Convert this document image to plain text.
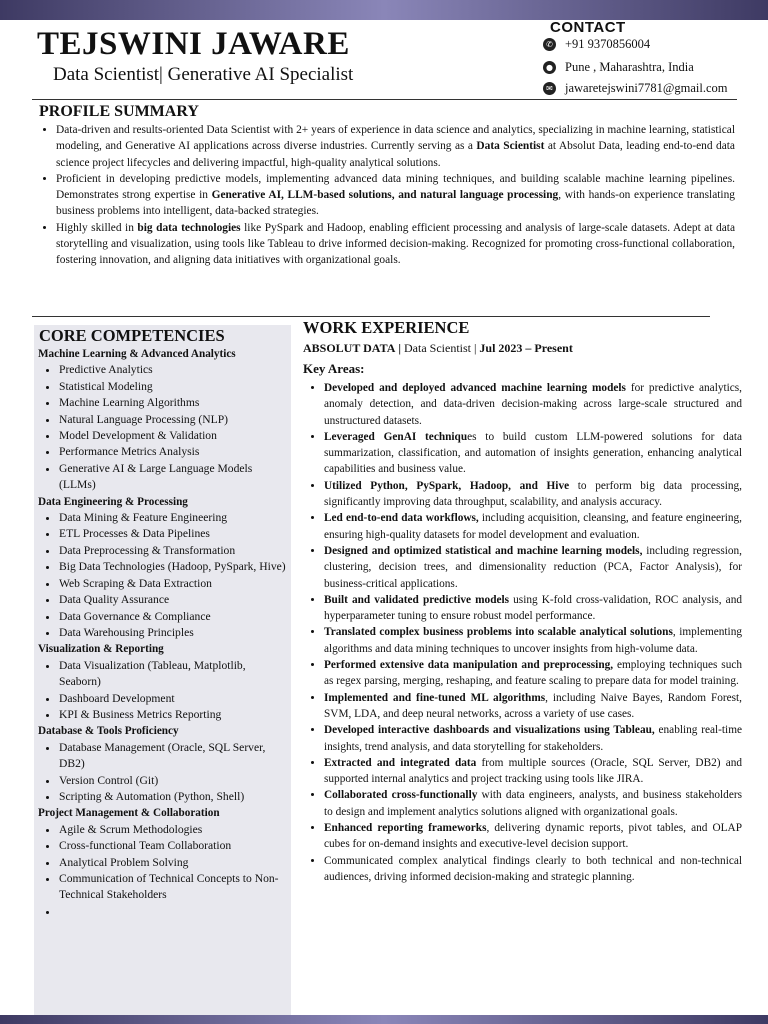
TEJSWINI JAWARE
Data Scientist| Generative AI Specialist
CONTACT
✆ +91 9370856004
● Pune , Maharashtra, India
✉ jawaretejswini7781@gmail.com
PROFILE SUMMARY
• Data-driven and results-oriented Data Scientist with 2+ years of experience in data science and analytics, specializing in machine learning, statistical modeling, and Generative AI applications across diverse industries. Currently serving as a Data Scientist at Absolut Data, leading end-to-end data science project lifecycles and delivering impactful, high-quality analytical solutions.
• Proficient in developing predictive models, implementing advanced data mining techniques, and building scalable machine learning pipelines. Demonstrates strong expertise in Generative AI, LLM-based solutions, and natural language processing, with hands-on experience translating business problems into intelligent, data-backed strategies.
• Highly skilled in big data technologies like PySpark and Hadoop, enabling efficient processing and analysis of large-scale datasets. Adept at data storytelling and visualization, using tools like Tableau to drive informed decision-making. Recognized for promoting cross-functional collaboration, fostering innovation, and aligning data initiatives with organizational goals.
CORE COMPETENCIES
Machine Learning & Advanced Analytics
• Predictive Analytics
• Statistical Modeling
• Machine Learning Algorithms
• Natural Language Processing (NLP)
• Model Development & Validation
• Performance Metrics Analysis
• Generative AI & Large Language Models (LLMs)
Data Engineering & Processing
• Data Mining & Feature Engineering
• ETL Processes & Data Pipelines
• Data Preprocessing & Transformation
• Big Data Technologies (Hadoop, PySpark, Hive)
• Web Scraping & Data Extraction
• Data Quality Assurance
• Data Governance & Compliance
• Data Warehousing Principles
Visualization & Reporting
• Data Visualization (Tableau, Matplotlib, Seaborn)
• Dashboard Development
• KPI & Business Metrics Reporting
Database & Tools Proficiency
• Database Management (Oracle, SQL Server, DB2)
• Version Control (Git)
• Scripting & Automation (Python, Shell)
Project Management & Collaboration
• Agile & Scrum Methodologies
• Cross-functional Team Collaboration
• Analytical Problem Solving
• Communication of Technical Concepts to Non-Technical Stakeholders
•
WORK EXPERIENCE
ABSOLUT DATA | Data Scientist | Jul 2023 – Present
Key Areas:
• Developed and deployed advanced machine learning models for predictive analytics, anomaly detection, and data-driven decision-making across large-scale structured and unstructured datasets.
• Leveraged GenAI techniques to build custom LLM-powered solutions for data summarization, classification, and automation of insights generation, enhancing analytical capabilities and business value.
• Utilized Python, PySpark, Hadoop, and Hive to perform big data processing, significantly improving data throughput, scalability, and analysis accuracy.
• Led end-to-end data workflows, including acquisition, cleansing, and feature engineering, ensuring high-quality datasets for model development and evaluation.
• Designed and optimized statistical and machine learning models, including regression, clustering, decision trees, and dimensionality reduction (PCA, Factor Analysis), for business-critical applications.
• Built and validated predictive models using K-fold cross-validation, ROC analysis, and hyperparameter tuning to ensure robust model performance.
• Translated complex business problems into scalable analytical solutions, implementing algorithms and data mining techniques to uncover insights from high-volume data.
• Performed extensive data manipulation and preprocessing, employing techniques such as regex parsing, merging, reshaping, and feature scaling to prepare data for model training.
• Implemented and fine-tuned ML algorithms, including Naive Bayes, Random Forest, SVM, LDA, and deep neural networks, across a variety of use cases.
• Developed interactive dashboards and visualizations using Tableau, enabling real-time insights, trend analysis, and data storytelling for stakeholders.
• Extracted and integrated data from multiple sources (Oracle, SQL Server, DB2) and supported internal analytics and project tracking using tools like JIRA.
• Collaborated cross-functionally with data engineers, analysts, and business stakeholders to design and implement analytics solutions aligned with organizational goals.
• Enhanced reporting frameworks, delivering dynamic reports, pivot tables, and OLAP cubes for on-demand insights and executive-level decision support.
• Communicated complex analytical findings clearly to both technical and non-technical audiences, driving informed decision-making and strategic planning.
